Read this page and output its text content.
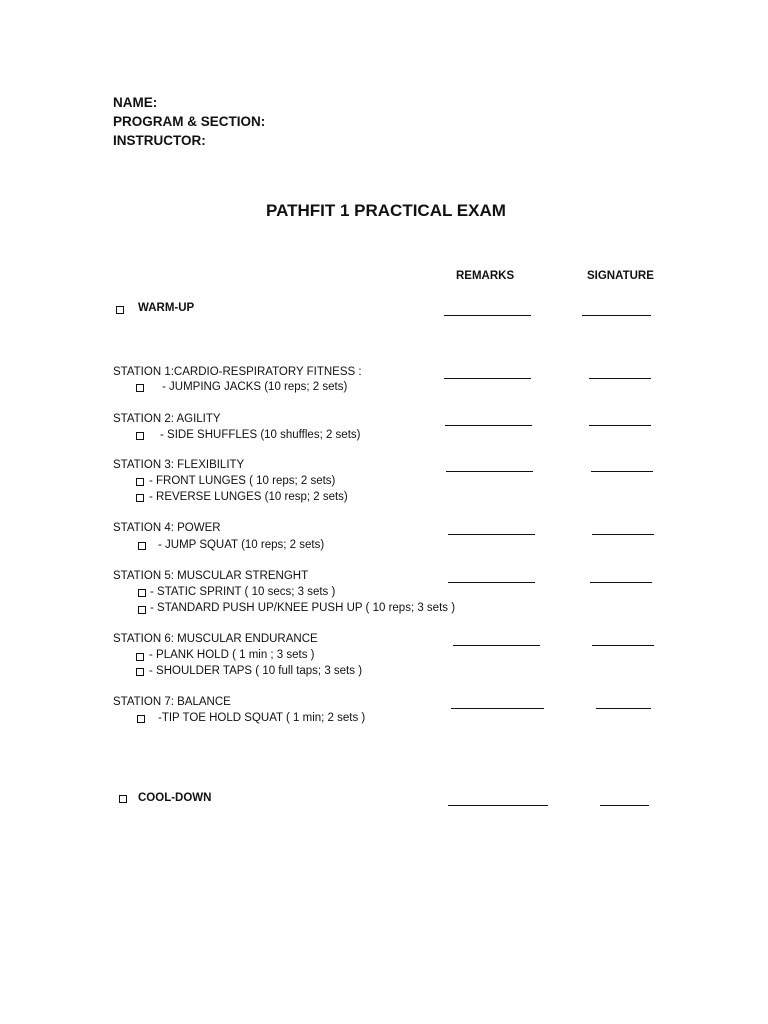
NAME:
PROGRAM & SECTION:
INSTRUCTOR:
PATHFIT 1 PRACTICAL EXAM
REMARKS	SIGNATURE
WARM-UP
STATION 1:CARDIO-RESPIRATORY FITNESS :
- JUMPING JACKS (10 reps; 2 sets)
STATION 2: AGILITY
- SIDE SHUFFLES (10 shuffles; 2 sets)
STATION 3: FLEXIBILITY
- FRONT LUNGES ( 10 reps; 2 sets)
- REVERSE LUNGES (10 resp; 2 sets)
STATION 4: POWER
- JUMP SQUAT (10 reps; 2 sets)
STATION 5: MUSCULAR STRENGHT
- STATIC SPRINT ( 10 secs; 3 sets )
- STANDARD PUSH UP/KNEE PUSH UP ( 10 reps; 3 sets )
STATION 6: MUSCULAR ENDURANCE
- PLANK HOLD ( 1 min ; 3 sets )
- SHOULDER TAPS ( 10 full taps; 3 sets )
STATION 7: BALANCE
-TIP TOE HOLD SQUAT ( 1 min; 2 sets )
COOL-DOWN
